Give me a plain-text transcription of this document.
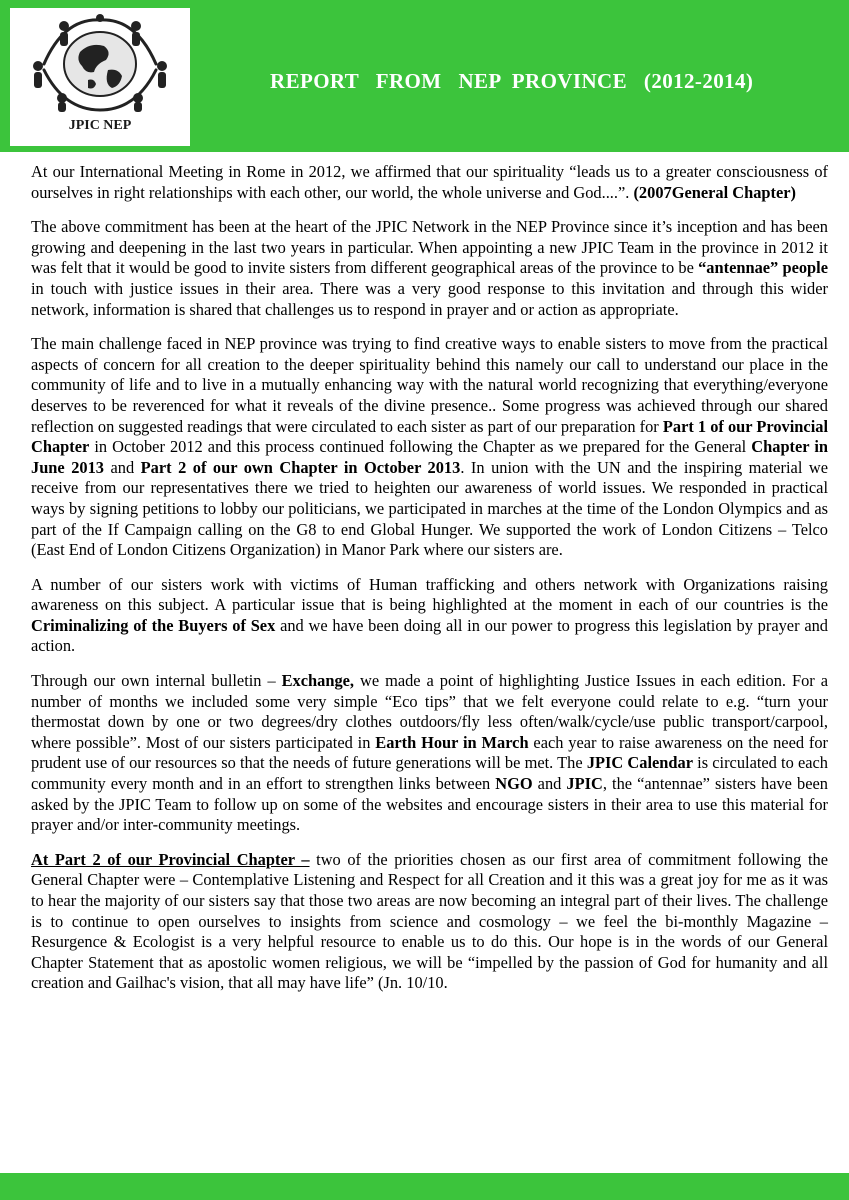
JPIC NEP
REPORT   FROM   NEP  PROVINCE   (2012-2014)

At our International Meeting in Rome in 2012, we affirmed that our spirituality “leads us to a greater consciousness of ourselves in right relationships with each other, our world, the whole universe and God....”. (2007General Chapter)

The above commitment has been at the heart of the JPIC Network in the NEP Province since it’s inception and has been growing and deepening in the last two years in particular. When appointing a new JPIC Team in the province in 2012 it was felt that it would be good to invite sisters from different geographical areas of the province to be “antennae” people in touch with justice issues in their area. There was a very good response to this invitation and through this wider network, information is shared that challenges us to respond in prayer and or action as appropriate.

The main challenge faced in NEP province was trying to find creative ways to enable sisters to move from the practical aspects of concern for all creation to the deeper spirituality behind this namely our call to understand our place in the community of life and to live in a mutually enhancing way with the natural world recognizing that everything/everyone deserves to be reverenced for what it reveals of the divine presence.. Some progress was achieved through our shared reflection on suggested readings that were circulated to each sister as part of our preparation for Part 1 of our Provincial Chapter in October 2012 and this process continued following the Chapter as we prepared for the General Chapter in June 2013 and Part 2 of our own Chapter in October 2013. In union with the UN and the inspiring material we receive from our representatives there we tried to heighten our awareness of world issues. We responded in practical ways by signing petitions to lobby our politicians, we participated in marches at the time of the London Olympics and as part of the If Campaign calling on the G8 to end Global Hunger. We supported the work of London Citizens – Telco (East End of London Citizens Organization) in Manor Park where our sisters are.

A number of our sisters work with victims of Human trafficking and others network with Organizations raising awareness on this subject. A particular issue that is being highlighted at the moment in each of our countries is the Criminalizing of the Buyers of Sex and we have been doing all in our power to progress this legislation by prayer and action.

Through our own internal bulletin – Exchange, we made a point of highlighting Justice Issues in each edition. For a number of months we included some very simple “Eco tips” that we felt everyone could relate to e.g. “turn your thermostat down by one or two degrees/dry clothes outdoors/fly less often/walk/cycle/use public transport/carpool, where possible”. Most of our sisters participated in Earth Hour in March each year to raise awareness on the need for prudent use of our resources so that the needs of future generations will be met. The JPIC Calendar is circulated to each community every month and in an effort to strengthen links between NGO and JPIC, the “antennae” sisters have been asked by the JPIC Team to follow up on some of the websites and encourage sisters in their area to use this material for prayer and/or inter-community meetings.

At Part 2 of our Provincial Chapter – two of the priorities chosen as our first area of commitment following the General Chapter were – Contemplative Listening and Respect for all Creation and it this was a great joy for me as it was to hear the majority of our sisters say that those two areas are now becoming an integral part of their lives. The challenge is to continue to open ourselves to insights from science and cosmology – we feel the bi-monthly Magazine – Resurgence & Ecologist is a very helpful resource to enable us to do this. Our hope is in the words of our General Chapter Statement that as apostolic women religious, we will be “impelled by the passion of God for humanity and all creation and Gailhac's vision, that all may have life” (Jn. 10/10.
